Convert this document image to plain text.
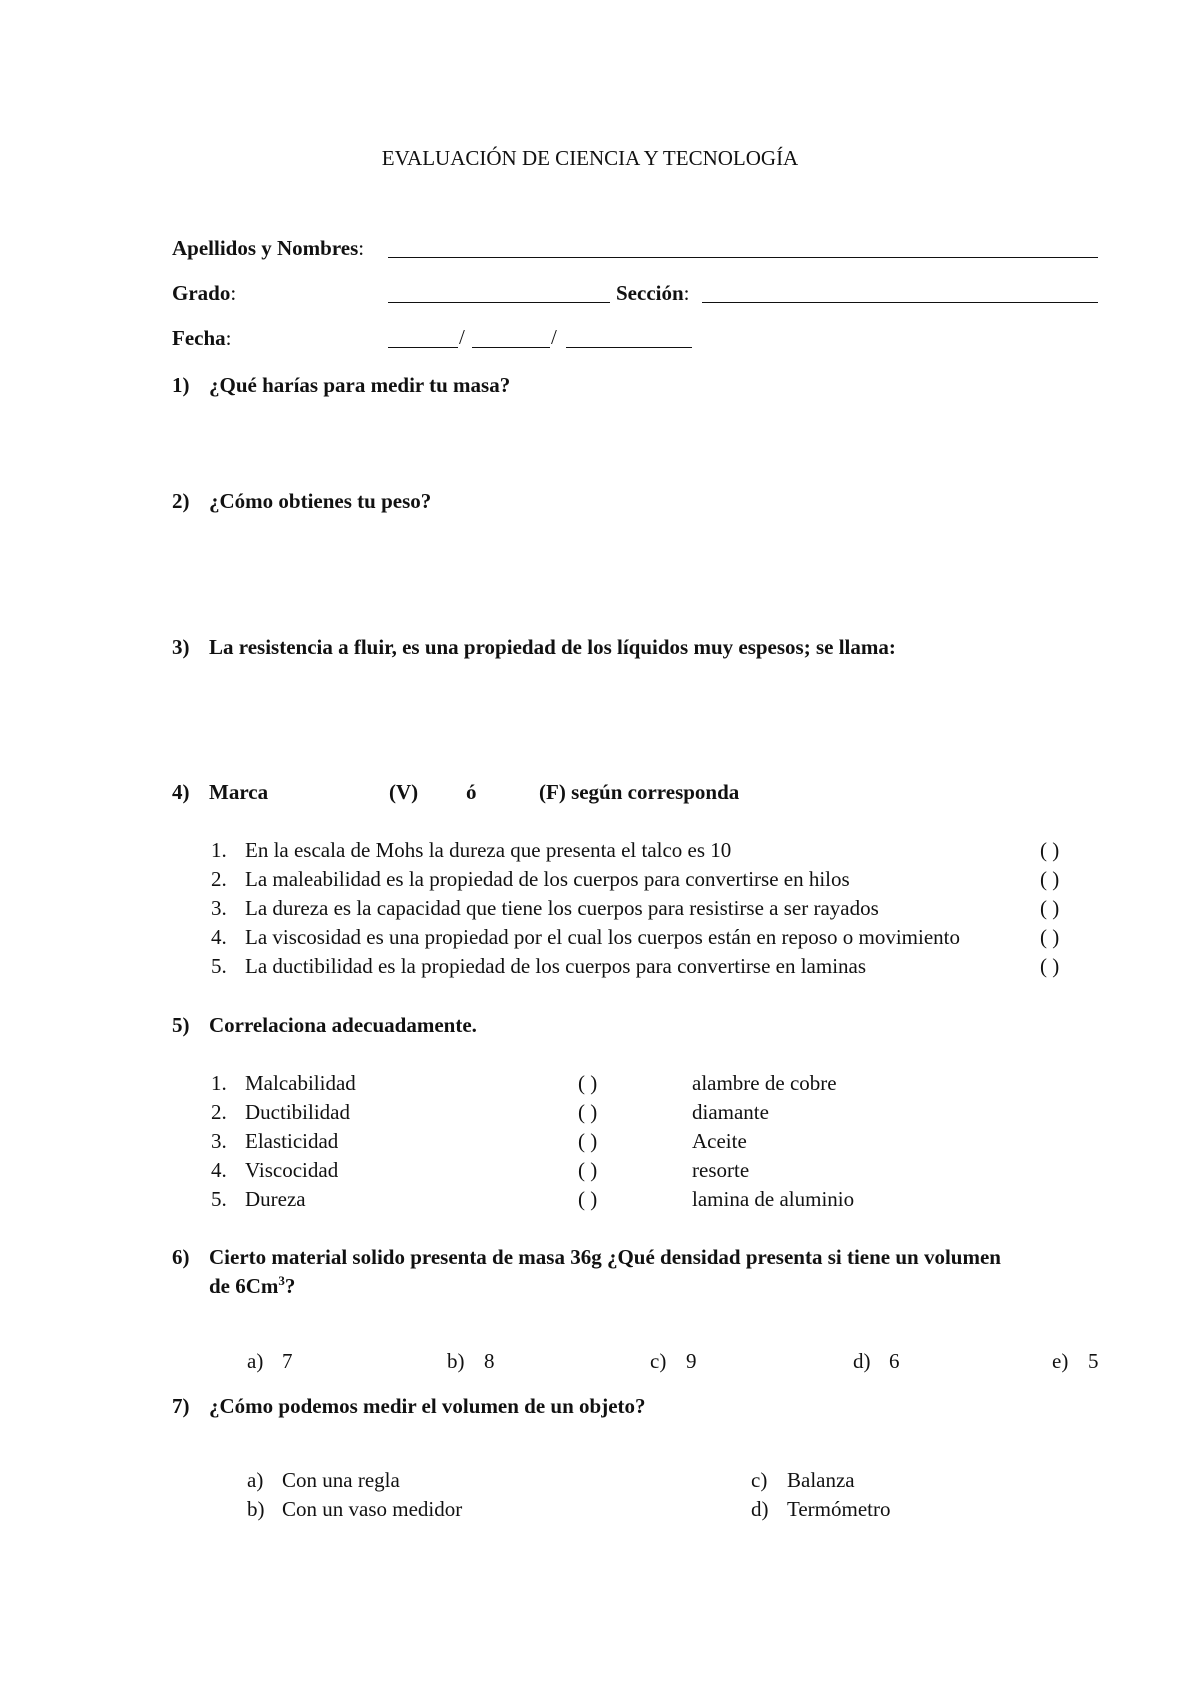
EVALUACIÓN DE CIENCIA Y TECNOLOGÍA
Apellidos y Nombres:
Grado:	Sección:
Fecha:	/	/
1) ¿Qué harías para medir tu masa?
2) ¿Cómo obtienes tu peso?
3) La resistencia a fluir, es una propiedad de los líquidos muy espesos; se llama:
4) Marca	(V) ó	(F) según corresponda
1. En la escala de Mohs la dureza que presenta el talco es 10	( )
2. La maleabilidad es la propiedad de los cuerpos para convertirse en hilos	( )
3. La dureza es la capacidad que tiene los cuerpos para resistirse a ser rayados	( )
4. La viscosidad es una propiedad por el cual los cuerpos están en reposo o movimiento	( )
5. La ductibilidad es la propiedad de los cuerpos para convertirse en laminas	( )
5) Correlaciona adecuadamente.
1. Malcabilidad	( )	alambre de cobre
2. Ductibilidad	( )	diamante
3. Elasticidad	( )	Aceite
4. Viscocidad	( )	resorte
5. Dureza	( )	lamina de aluminio
6) Cierto material solido presenta de masa 36g ¿Qué densidad presenta si tiene un volumen
de 6Cm$^3$?
a) 7	b) 8	c) 9	d) 6	e) 5
7) ¿Cómo podemos medir el volumen de un objeto?
a) Con una regla
b) Con un vaso medidor
c) Balanza
d) Termómetro
